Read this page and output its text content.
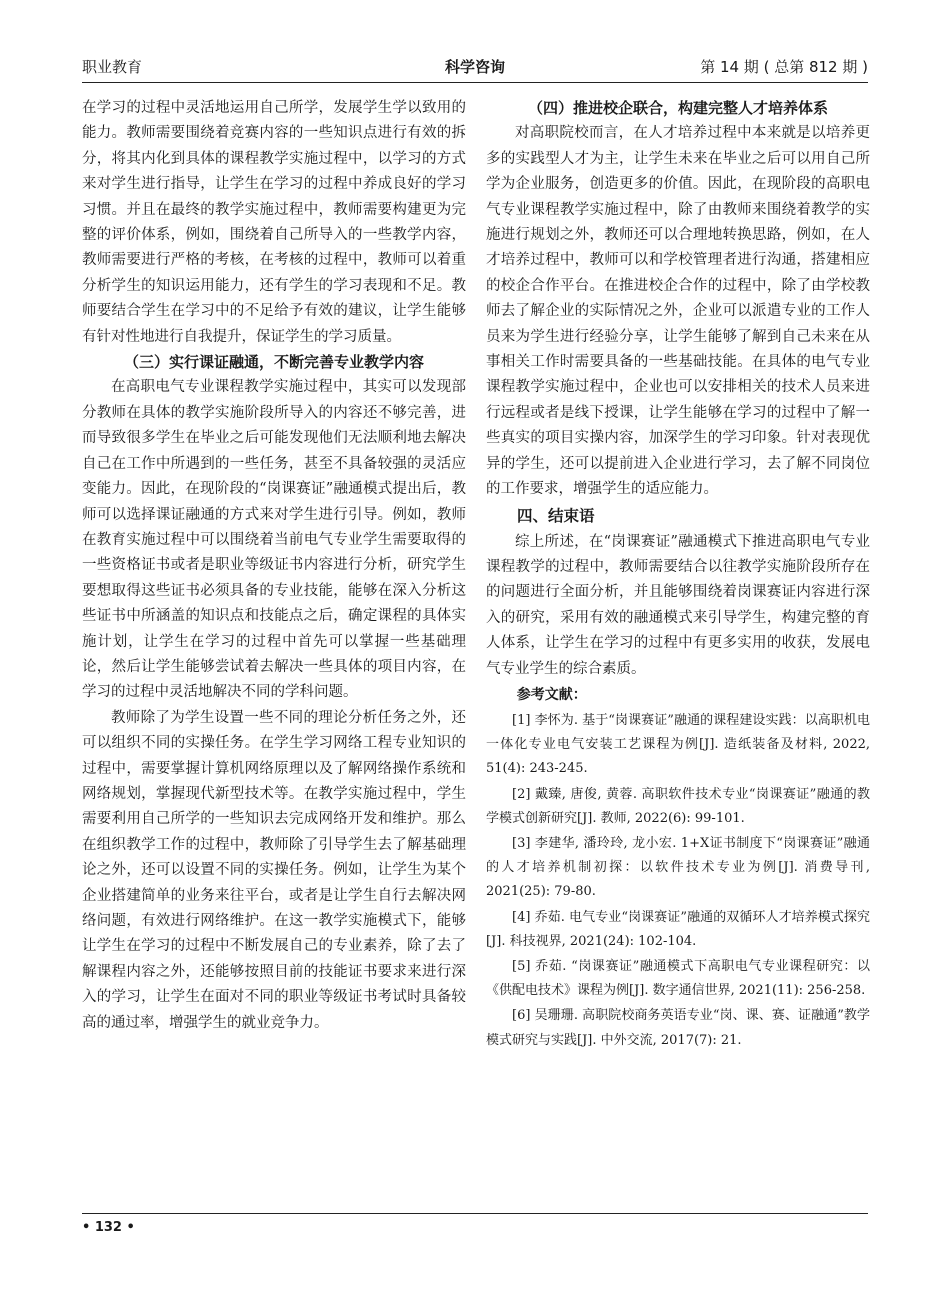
职业教育	科学咨询	第 14 期 ( 总第 812 期 )

在学习的过程中灵活地运用自己所学，发展学生学以致用的能力。教师需要围绕着竞赛内容的一些知识点进行有效的拆分，将其内化到具体的课程教学实施过程中，以学习的方式来对学生进行指导，让学生在学习的过程中养成良好的学习习惯。并且在最终的教学实施过程中，教师需要构建更为完整的评价体系，例如，围绕着自己所导入的一些教学内容，教师需要进行严格的考核，在考核的过程中，教师可以着重分析学生的知识运用能力，还有学生的学习表现和不足。教师要结合学生在学习中的不足给予有效的建议，让学生能够有针对性地进行自我提升，保证学生的学习质量。

（三）实行课证融通，不断完善专业教学内容

在高职电气专业课程教学实施过程中，其实可以发现部分教师在具体的教学实施阶段所导入的内容还不够完善，进而导致很多学生在毕业之后可能发现他们无法顺利地去解决自己在工作中所遇到的一些任务，甚至不具备较强的灵活应变能力。因此，在现阶段的“岗课赛证”融通模式提出后，教师可以选择课证融通的方式来对学生进行引导。例如，教师在教育实施过程中可以围绕着当前电气专业学生需要取得的一些资格证书或者是职业等级证书内容进行分析，研究学生要想取得这些证书必须具备的专业技能，能够在深入分析这些证书中所涵盖的知识点和技能点之后，确定课程的具体实施计划，让学生在学习的过程中首先可以掌握一些基础理论，然后让学生能够尝试着去解决一些具体的项目内容，在学习的过程中灵活地解决不同的学科问题。

教师除了为学生设置一些不同的理论分析任务之外，还可以组织不同的实操任务。在学生学习网络工程专业知识的过程中，需要掌握计算机网络原理以及了解网络操作系统和网络规划，掌握现代新型技术等。在教学实施过程中，学生需要利用自己所学的一些知识去完成网络开发和维护。那么在组织教学工作的过程中，教师除了引导学生去了解基础理论之外，还可以设置不同的实操任务。例如，让学生为某个企业搭建简单的业务来往平台，或者是让学生自行去解决网络问题，有效进行网络维护。在这一教学实施模式下，能够让学生在学习的过程中不断发展自己的专业素养，除了去了解课程内容之外，还能够按照目前的技能证书要求来进行深入的学习，让学生在面对不同的职业等级证书考试时具备较高的通过率，增强学生的就业竞争力。

（四）推进校企联合，构建完整人才培养体系

对高职院校而言，在人才培养过程中本来就是以培养更多的实践型人才为主，让学生未来在毕业之后可以用自己所学为企业服务，创造更多的价值。因此，在现阶段的高职电气专业课程教学实施过程中，除了由教师来围绕着教学的实施进行规划之外，教师还可以合理地转换思路，例如，在人才培养过程中，教师可以和学校管理者进行沟通，搭建相应的校企合作平台。在推进校企合作的过程中，除了由学校教师去了解企业的实际情况之外，企业可以派遣专业的工作人员来为学生进行经验分享，让学生能够了解到自己未来在从事相关工作时需要具备的一些基础技能。在具体的电气专业课程教学实施过程中，企业也可以安排相关的技术人员来进行远程或者是线下授课，让学生能够在学习的过程中了解一些真实的项目实操内容，加深学生的学习印象。针对表现优异的学生，还可以提前进入企业进行学习，去了解不同岗位的工作要求，增强学生的适应能力。

四、结束语

综上所述，在“岗课赛证”融通模式下推进高职电气专业课程教学的过程中，教师需要结合以往教学实施阶段所存在的问题进行全面分析，并且能够围绕着岗课赛证内容进行深入的研究，采用有效的融通模式来引导学生，构建完整的育人体系，让学生在学习的过程中有更多实用的收获，发展电气专业学生的综合素质。

参考文献：

[1] 李怀为. 基于“岗课赛证”融通的课程建设实践：以高职机电一体化专业电气安装工艺课程为例[J]. 造纸装备及材料, 2022, 51(4): 243-245.

[2] 戴臻, 唐俊, 黄蓉. 高职软件技术专业“岗课赛证”融通的教学模式创新研究[J]. 教师, 2022(6): 99-101.

[3] 李建华, 潘玲玲, 龙小宏. 1+X证书制度下“岗课赛证”融通的人才培养机制初探：以软件技术专业为例[J]. 消费导刊, 2021(25): 79-80.

[4] 乔茹. 电气专业“岗课赛证”融通的双循环人才培养模式探究[J]. 科技视界, 2021(24): 102-104.

[5] 乔茹. “岗课赛证”融通模式下高职电气专业课程研究：以《供配电技术》课程为例[J]. 数字通信世界, 2021(11): 256-258.

[6] 吴珊珊. 高职院校商务英语专业“岗、课、赛、证融通”教学模式研究与实践[J]. 中外交流, 2017(7): 21.

• 132 •
